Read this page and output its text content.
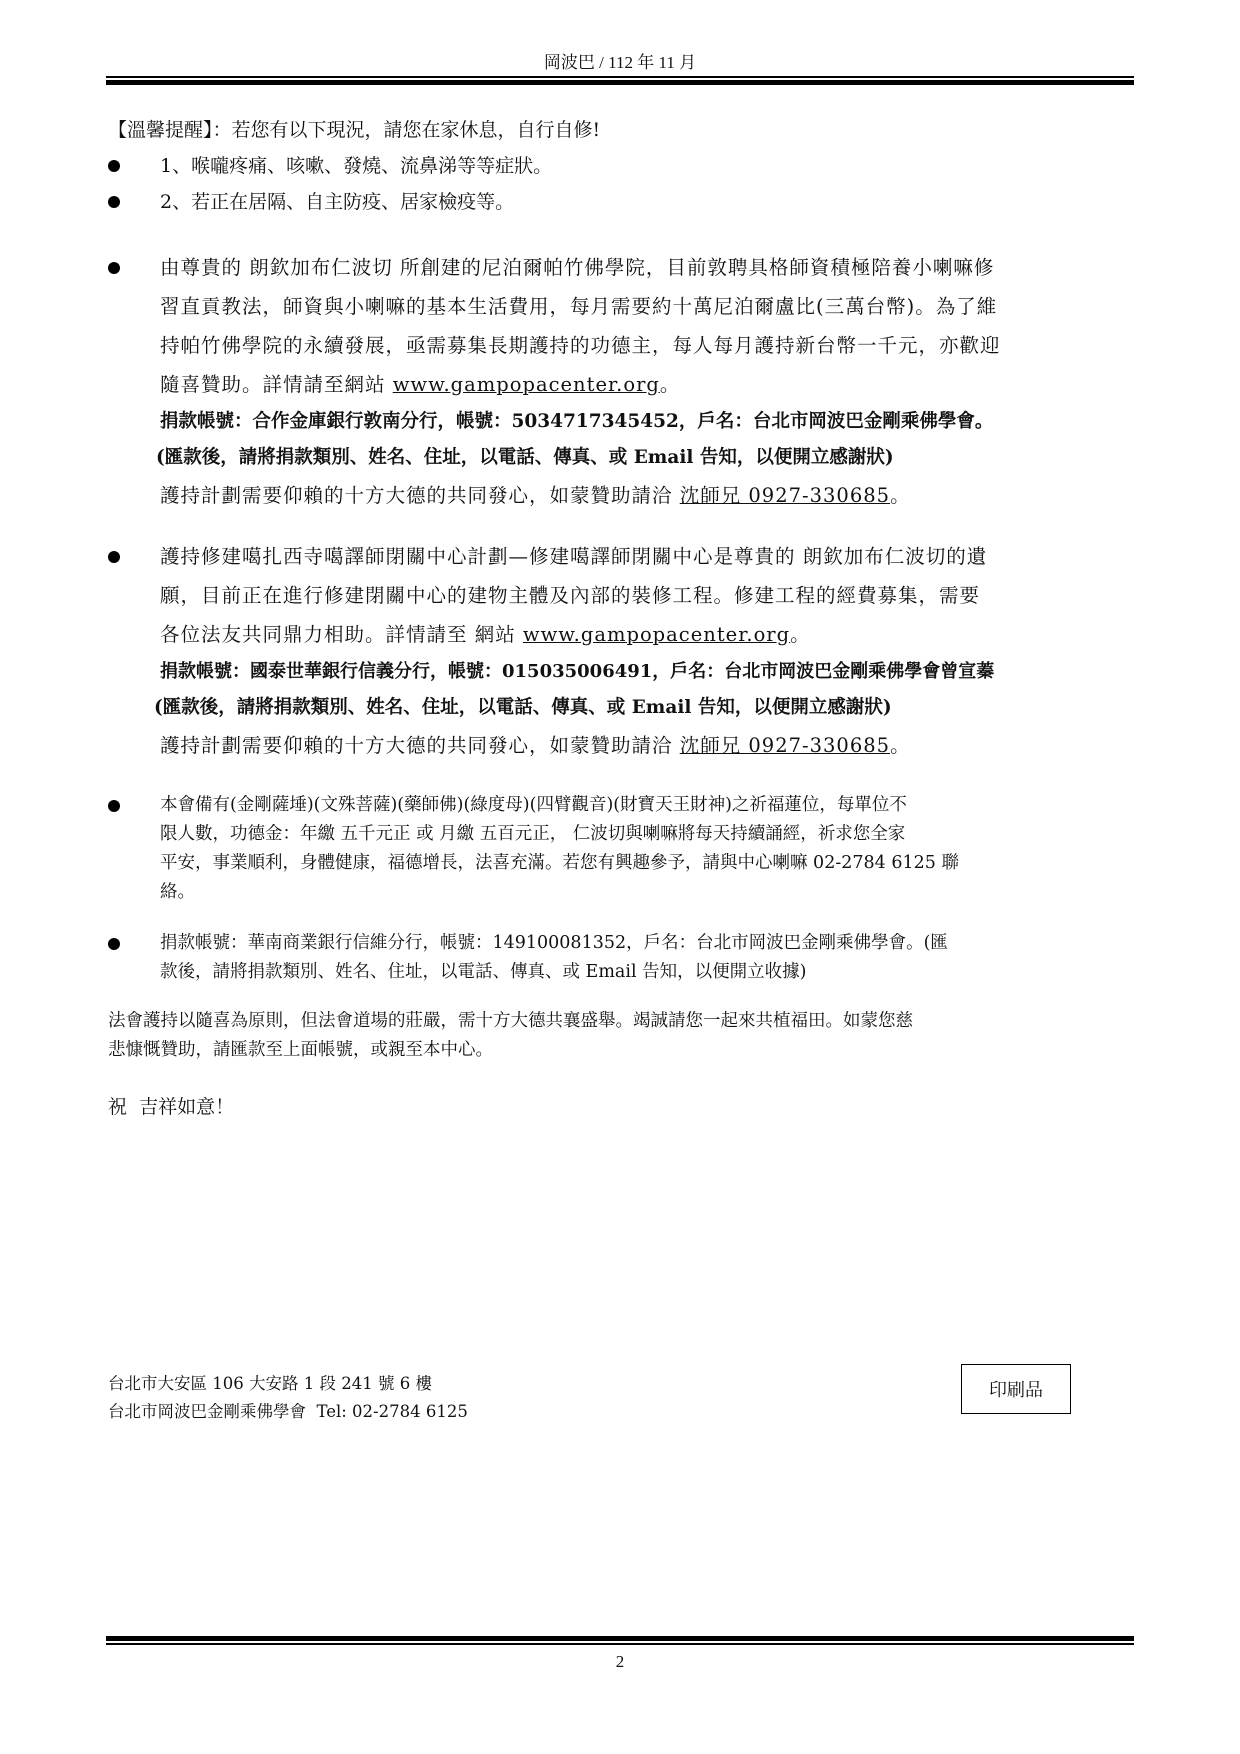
岡波巴 / 112 年 11 月
【溫馨提醒】：若您有以下現況，請您在家休息，自行自修!
1、喉嚨疼痛、咳嗽、發燒、流鼻涕等等症狀。
2、若正在居隔、自主防疫、居家檢疫等。
由尊貴的 朗欽加布仁波切 所創建的尼泊爾帕竹佛學院，目前敦聘具格師資積極陪養小喇嘛修
習直貢教法，師資與小喇嘛的基本生活費用，每月需要約十萬尼泊爾盧比(三萬台幣)。為了維
持帕竹佛學院的永續發展，亟需募集長期護持的功德主，每人每月護持新台幣一千元，亦歡迎
隨喜贊助。詳情請至網站 www.gampopacenter.org。
捐款帳號：合作金庫銀行敦南分行，帳號：5034717345452，戶名：台北市岡波巴金剛乘佛學會。
(匯款後，請將捐款類別、姓名、住址，以電話、傳真、或 Email 告知，以便開立感謝狀)
護持計劃需要仰賴的十方大德的共同發心，如蒙贊助請洽 沈師兄 0927-330685。
護持修建噶扎西寺噶譯師閉關中心計劃—修建噶譯師閉關中心是尊貴的 朗欽加布仁波切的遺
願，目前正在進行修建閉關中心的建物主體及內部的裝修工程。修建工程的經費募集，需要
各位法友共同鼎力相助。詳情請至 網站 www.gampopacenter.org。
捐款帳號：國泰世華銀行信義分行，帳號：015035006491，戶名：台北市岡波巴金剛乘佛學會曾宣蓁
(匯款後，請將捐款類別、姓名、住址，以電話、傳真、或 Email 告知，以便開立感謝狀)
護持計劃需要仰賴的十方大德的共同發心，如蒙贊助請洽 沈師兄 0927-330685。
本會備有(金剛薩埵)(文殊菩薩)(藥師佛)(綠度母)(四臂觀音)(財寶天王財神)之祈福蓮位，每單位不
限人數，功德金：年繳 五千元正 或 月繳 五百元正， 仁波切與喇嘛將每天持續誦經，祈求您全家
平安，事業順利，身體健康，福德增長，法喜充滿。若您有興趣參予，請與中心喇嘛 02-2784 6125 聯
絡。
捐款帳號：華南商業銀行信維分行，帳號：149100081352，戶名：台北市岡波巴金剛乘佛學會。(匯
款後，請將捐款類別、姓名、住址，以電話、傳真、或 Email 告知，以便開立收據)
法會護持以隨喜為原則，但法會道場的莊嚴，需十方大德共襄盛舉。竭誠請您一起來共植福田。如蒙您慈
悲慷慨贊助，請匯款至上面帳號，或親至本中心。
祝  吉祥如意！
台北市大安區 106 大安路 1 段 241 號 6 樓
台北市岡波巴金剛乘佛學會  Tel: 02-2784 6125
印刷品
2
